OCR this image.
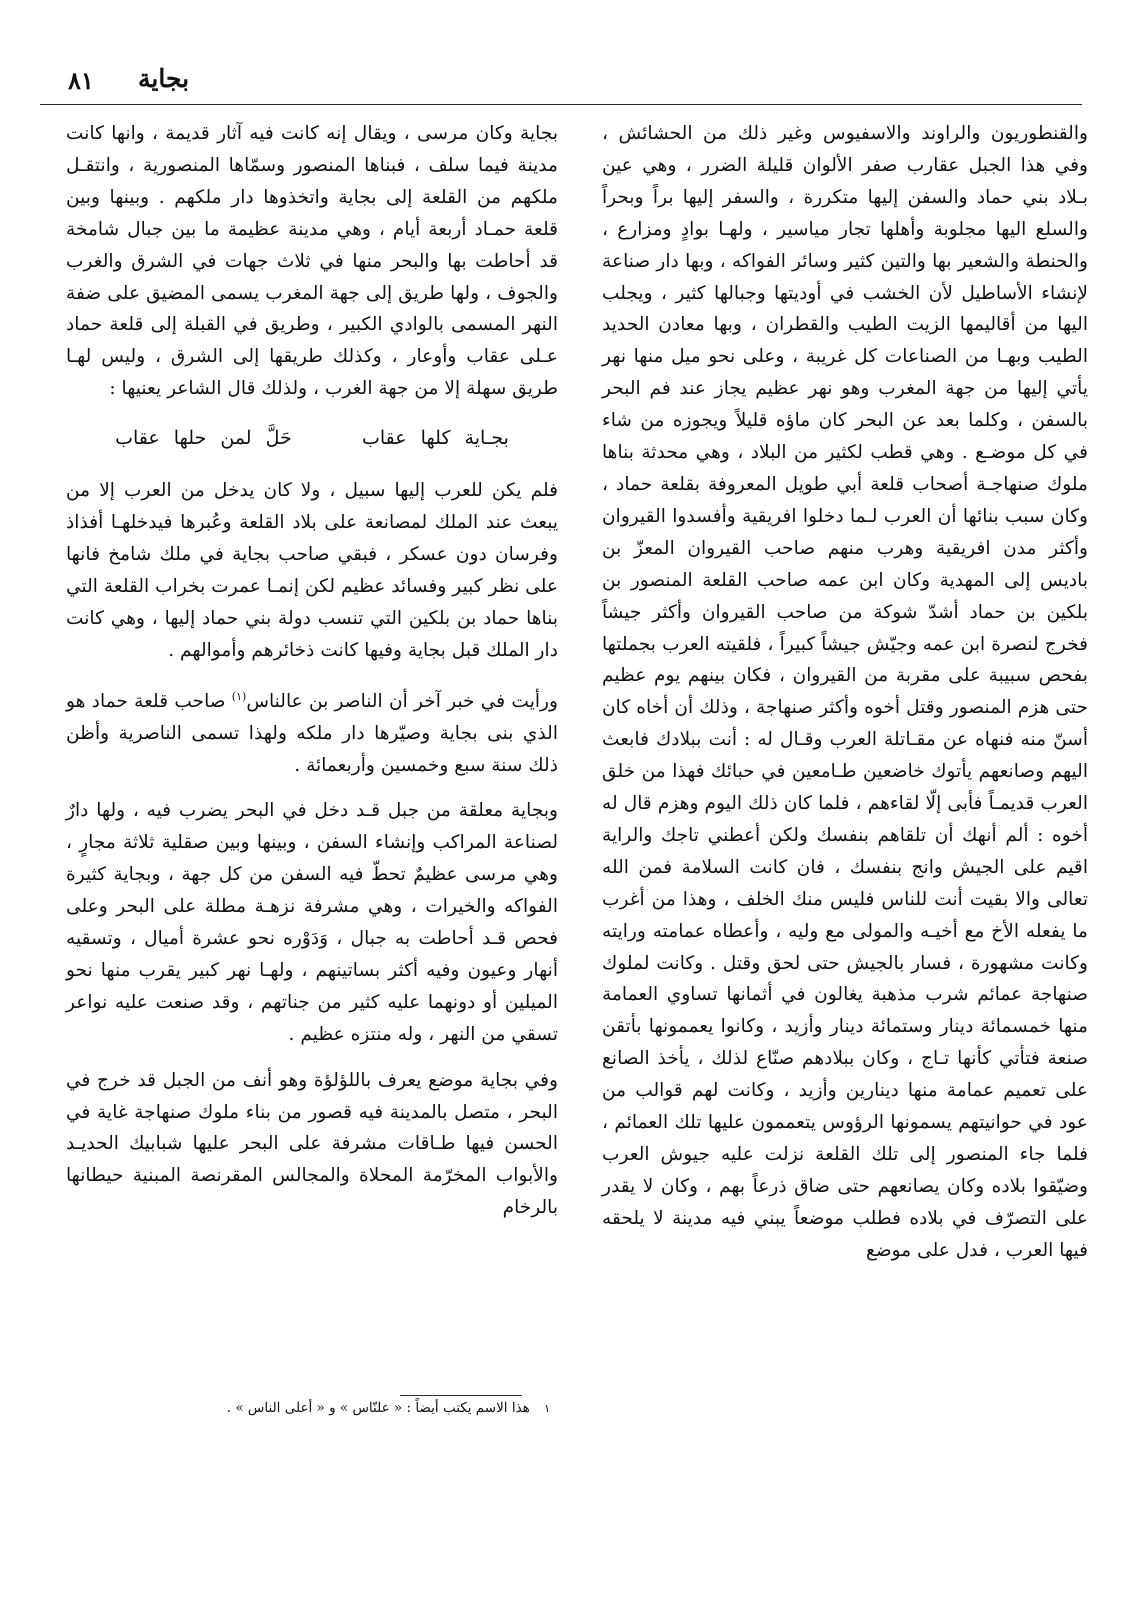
بجاية
٨١

والقنطوريون والراوند والاسفيوس وغير ذلك من الحشائش ، وفي هذا الجبل عقارب صفر الألوان قليلة الضرر ، وهي عين بـلاد بني حماد والسفن إليها متكررة ، والسفر إليها براً وبحراً والسلع اليها مجلوبة وأهلها تجار مياسير ، ولهـا بوادٍ ومزارع ، والحنطة والشعير بها والتين كثير وسائر الفواكه ، وبها دار صناعة لإنشاء الأساطيل لأن الخشب في أوديتها وجبالها كثير ، ويجلب اليها من أقاليمها الزيت الطيب والقطران ، وبها معادن الحديد الطيب وبهـا من الصناعات كل غريبة ، وعلى نحو ميل منها نهر يأتي إليها من جهة المغرب وهو نهر عظيم يجاز عند فم البحر بالسفن ، وكلما بعد عن البحر كان ماؤه قليلاً ويجوزه من شاء في كل موضـع . وهي قطب لكثير من البلاد ، وهي محدثة بناها ملوك صنهاجـة أصحاب قلعة أبي طويل المعروفة بقلعة حماد ، وكان سبب بنائها أن العرب لـما دخلوا افريقية وأفسدوا القيروان وأكثر مدن افريقية وهرب منهم صاحب القيروان المعزّ بن باديس إلى المهدية وكان ابن عمه صاحب القلعة المنصور بن بلكين بن حماد أشدّ شوكة من صاحب القيروان وأكثر جيشاً فخرج لنصرة ابن عمه وجيّش جيشاً كبيراً ، فلقيته العرب بجملتها بفحص سبيبة على مقربة من القيروان ، فكان بينهم يوم عظيم حتى هزم المنصور وقتل أخوه وأكثر صنهاجة ، وذلك أن أخاه كان أسنّ منه فنهاه عن مقـاتلة العرب وقـال له : أنت ببلادك فابعث اليهم وصانعهم يأتوك خاضعين طـامعين في حبائك فهذا من خلق العرب قديمـاً فأبى إلّا لقاءهم ، فلما كان ذلك اليوم وهزم قال له أخوه : ألم أنهك أن تلقاهم بنفسك ولكن أعطني تاجك والراية اقيم على الجيش وانج بنفسك ، فان كانت السلامة فمن الله تعالى والا بقيت أنت للناس فليس منك الخلف ، وهذا من أغرب ما يفعله الأخ مع أخيـه والمولى مع وليه ، وأعطاه عمامته ورايته وكانت مشهورة ، فسار بالجيش حتى لحق وقتل . وكانت لملوك صنهاجة عمائم شرب مذهبة يغالون في أثمانها تساوي العمامة منها خمسمائة دينار وستمائة دينار وأزيد ، وكانوا يعممونها بأتقن صنعة فتأتي كأنها تـاج ، وكان ببلادهم صنّاع لذلك ، يأخذ الصانع على تعميم عمامة منها دينارين وأزيد ، وكانت لهم قوالب من عود في حوانيتهم يسمونها الرؤوس يتعممون عليها تلك العمائم ، فلما جاء المنصور إلى تلك القلعة نزلت عليه جيوش العرب وضيّقوا بلاده وكان يصانعهم حتى ضاق ذرعاً بهم ، وكان لا يقدر على التصرّف في بلاده فطلب موضعاً يبني فيه مدينة لا يلحقه فيها العرب ، فدل على موضع

بجاية وكان مرسى ، ويقال إنه كانت فيه آثار قديمة ، وانها كانت مدينة فيما سلف ، فبناها المنصور وسمّاها المنصورية ، وانتقـل ملكهم من القلعة إلى بجاية واتخذوها دار ملكهم . وبينها وبين قلعة حمـاد أربعة أيام ، وهي مدينة عظيمة ما بين جبال شامخة قد أحاطت بها والبحر منها في ثلاث جهات في الشرق والغرب والجوف ، ولها طريق إلى جهة المغرب يسمى المضيق على ضفة النهر المسمى بالوادي الكبير ، وطريق في القبلة إلى قلعة حماد عـلى عقاب وأوعار ، وكذلك طريقها إلى الشرق ، وليس لهـا طريق سهلة إلا من جهة الغرب ، ولذلك قال الشاعر يعنيها :

بجـاية كلها عقاب     حَلَّ لمن حلها عقاب

فلم يكن للعرب إليها سبيل ، ولا كان يدخل من العرب إلا من يبعث عند الملك لمصانعة على بلاد القلعة وعُبرها فيدخلهـا أفذاذ وفرسان دون عسكر ، فبقي صاحب بجاية في ملك شامخ فانها على نظر كبير وفسائد عظيم لكن إنمـا عمرت بخراب القلعة التي بناها حماد بن بلكين التي تنسب دولة بني حماد إليها ، وهي كانت دار الملك قبل بجاية وفيها كانت ذخائرهم وأموالهم .

ورأيت في خبر آخر أن الناصر بن عالناس$^{(١)}$ صاحب قلعة حماد هو الذي بنى بجاية وصيّرها دار ملكه ولهذا تسمى الناصرية وأظن ذلك سنة سبع وخمسين وأربعمائة .

وبجاية معلقة من جبل قـد دخل في البحر يضرب فيه ، ولها دارٌ لصناعة المراكب وإنشاء السفن ، وبينها وبين صقلية ثلاثة مجارٍ ، وهي مرسى عظيمٌ تحطّ فيه السفن من كل جهة ، وبجاية كثيرة الفواكه والخيرات ، وهي مشرفة نزهـة مطلة على البحر وعلى فحص قـد أحاطت به جبال ، وَدَوْره نحو عشرة أميال ، وتسقيه أنهار وعيون وفيه أكثر بساتينهم ، ولهـا نهر كبير يقرب منها نحو الميلين أو دونهما عليه كثير من جناتهم ، وقد صنعت عليه نواعر تسقي من النهر ، وله منتزه عظيم .

وفي بجاية موضع يعرف باللؤلؤة وهو أنف من الجبل قد خرج في البحر ، متصل بالمدينة فيه قصور من بناء ملوك صنهاجة غاية في الحسن فيها طـاقات مشرفة على البحر عليها شبابيك الحديـد والأبواب المخرّمة المحلاة والمجالس المقرنصة المبنية حيطانها بالرخام

١ هذا الاسم يكتب أيضاً : « علنّاس » و « أعلى الناس » .
